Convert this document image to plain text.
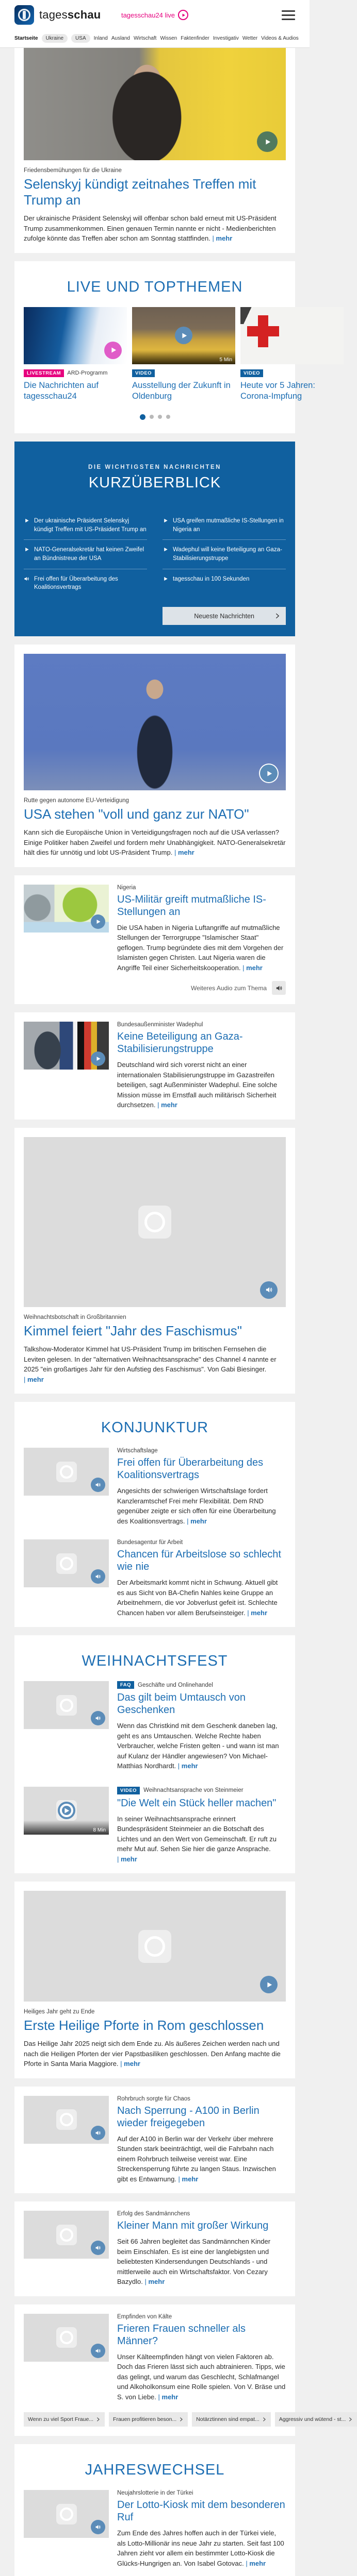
tagesschau	tagesschau24 live
Startseite	Ukraine	USA	Inland Ausland Wirtschaft Wissen Faktenfinder Investigativ Wetter Videos & Audios
Friedensbemühungen für die Ukraine
Selenskyj kündigt zeitnahes Treffen mit Trump an

Der ukrainische Präsident Selenskyj will offenbar schon bald erneut mit US-Präsident Trump zusammenkommen. Einen genauen Termin nannte er nicht - Medienberichten zufolge könnte das Treffen aber schon am Sonntag stattfinden. | mehr

LIVE UND TOPTHEMEN
LIVESTREAM	ARD-Programm
Die Nachrichten auf tagesschau24
5 Min
VIDEO
Ausstellung der Zukunft in Oldenburg
VIDEO
Heute vor 5 Jahren: Corona-Impfung
DIE WICHTIGSTEN NACHRICHTEN
KURZÜBERBLICK
Der ukrainische Präsident Selenskyj kündigt Treffen mit US-Präsident Trump an
USA greifen mutmaßliche IS-Stellungen in Nigeria an
NATO-Generalsekretär hat keinen Zweifel an Bündnistreue der USA
Wadephul will keine Beteiligung an Gaza-Stabilisierungstruppe
Frei offen für Überarbeitung des Koalitionsvertrags
tagesschau in 100 Sekunden
Neueste Nachrichten
Rutte gegen autonome EU-Verteidigung
USA stehen "voll und ganz zur NATO"

Kann sich die Europäische Union in Verteidigungsfragen noch auf die USA verlassen? Einige Politiker haben Zweifel und fordern mehr Unabhängigkeit. NATO-Generalsekretär hält dies für unnötig und lobt US-Präsident Trump. | mehr

Nigeria
US-Militär greift mutmaßliche IS-Stellungen an

Die USA haben in Nigeria Luftangriffe auf mutmaßliche Stellungen der Terrorgruppe "Islamischer Staat" geflogen. Trump begründete dies mit dem Vorgehen der Islamisten gegen Christen. Laut Nigeria waren die Angriffe Teil einer Sicherheitskooperation. | mehr

Weiteres Audio zum Thema
Bundesaußenminister Wadephul
Keine Beteiligung an Gaza-Stabilisierungstruppe

Deutschland wird sich vorerst nicht an einer internationalen Stabilisierungstruppe im Gazastreifen beteiligen, sagt Außenminister Wadephul. Eine solche Mission müsse im Ernstfall auch militärisch Sicherheit durchsetzen. | mehr

Weihnachtsbotschaft in Großbritannien
Kimmel feiert "Jahr des Faschismus"

Talkshow-Moderator Kimmel hat US-Präsident Trump im britischen Fernsehen die Leviten gelesen. In der "alternativen Weihnachtsansprache" des Channel 4 nannte er 2025 "ein großartiges Jahr für den Aufstieg des Faschismus". Von Gabi Biesinger. | mehr

KONJUNKTUR
Wirtschaftslage
Frei offen für Überarbeitung des Koalitionsvertrags

Angesichts der schwierigen Wirtschaftslage fordert Kanzleramtschef Frei mehr Flexibilität. Dem RND gegenüber zeigte er sich offen für eine Überarbeitung des Koalitionsvertrags. | mehr

Bundesagentur für Arbeit
Chancen für Arbeitslose so schlecht wie nie

Der Arbeitsmarkt kommt nicht in Schwung. Aktuell gibt es aus Sicht von BA-Chefin Nahles keine Gruppe an Arbeitnehmern, die vor Jobverlust gefeit ist. Schlechte Chancen haben vor allem Berufseinsteiger. | mehr

WEIHNACHTSFEST
FAQ	Geschäfte und Onlinehandel
Das gilt beim Umtausch von Geschenken

Wenn das Christkind mit dem Geschenk daneben lag, geht es ans Umtauschen. Welche Rechte haben Verbraucher, welche Fristen gelten - und wann ist man auf Kulanz der Händler angewiesen? Von Michael-Matthias Nordhardt. | mehr

8 Min
VIDEO	Weihnachtsansprache von Steinmeier
"Die Welt ein Stück heller machen"

In seiner Weihnachtsansprache erinnert Bundespräsident Steinmeier an die Botschaft des Lichtes und an den Wert von Gemeinschaft. Er ruft zu mehr Mut auf. Sehen Sie hier die ganze Ansprache. | mehr

Heiliges Jahr geht zu Ende
Erste Heilige Pforte in Rom geschlossen

Das Heilige Jahr 2025 neigt sich dem Ende zu. Als äußeres Zeichen werden nach und nach die Heiligen Pforten der vier Papstbasiliken geschlossen. Den Anfang machte die Pforte in Santa Maria Maggiore. | mehr

Rohrbruch sorgte für Chaos
Nach Sperrung - A100 in Berlin wieder freigegeben

Auf der A100 in Berlin war der Verkehr über mehrere Stunden stark beeinträchtigt, weil die Fahrbahn nach einem Rohrbruch teilweise vereist war. Eine Streckensperrung führte zu langen Staus. Inzwischen gibt es Entwarnung. | mehr

Erfolg des Sandmännchens
Kleiner Mann mit großer Wirkung

Seit 66 Jahren begleitet das Sandmännchen Kinder beim Einschlafen. Es ist eine der langlebigsten und beliebtesten Kindersendungen Deutschlands - und mittlerweile auch ein Wirtschaftsfaktor. Von Cezary Bazydlo. | mehr

Empfinden von Kälte
Frieren Frauen schneller als Männer?

Unser Kälteempfinden hängt von vielen Faktoren ab. Doch das Frieren lässt sich auch abtrainieren. Tipps, wie das gelingt, und warum das Geschlecht, Schlafmangel und Alkoholkonsum eine Rolle spielen. Von V. Bräse und S. von Liebe. | mehr

Wenn zu viel Sport Fraue...	Frauen profitieren beson...	Notärztinnen sind empat...	Aggressiv und wütend - st...
JAHRESWECHSEL
Neujahrslotterie in der Türkei
Der Lotto-Kiosk mit dem besonderen Ruf

Zum Ende des Jahres hoffen auch in der Türkei viele, als Lotto-Millionär ins neue Jahr zu starten. Seit fast 100 Jahren zieht vor allem ein bestimmter Lotto-Kiosk die Glücks-Hungrigen an. Von Isabel Gotovac. | mehr
